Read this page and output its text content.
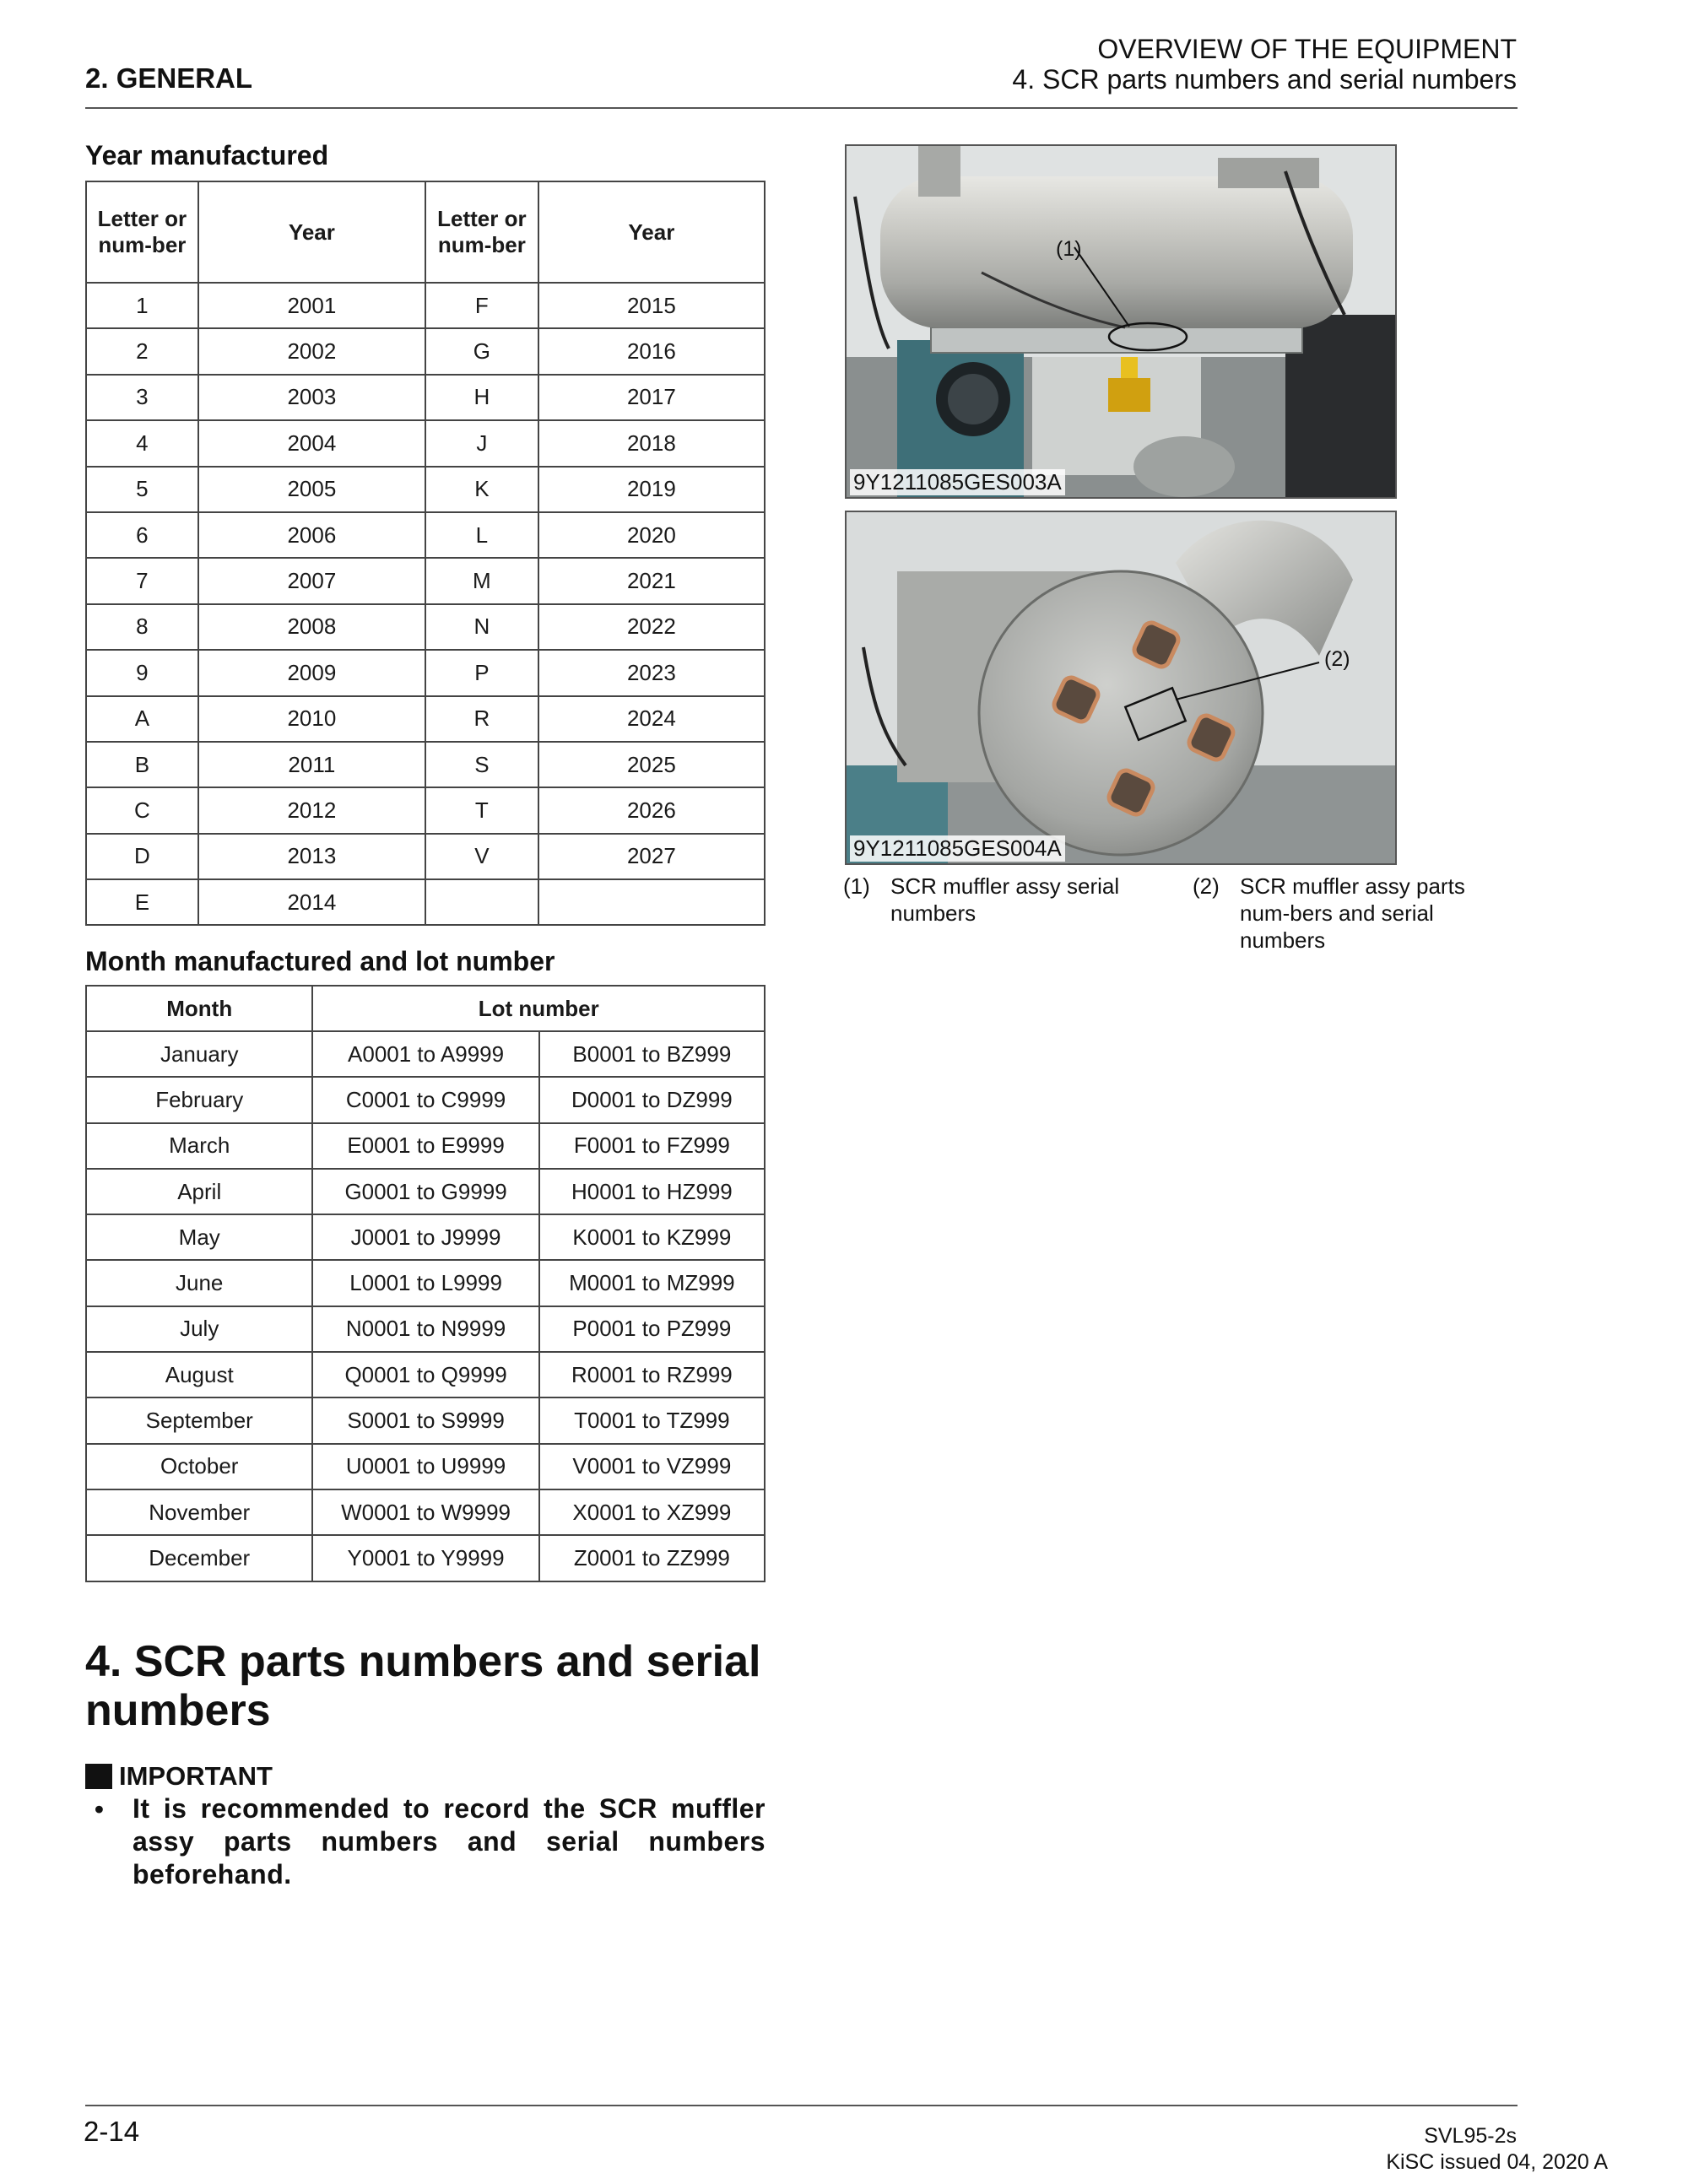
2. GENERAL
OVERVIEW OF THE EQUIPMENT
4. SCR parts numbers and serial numbers
Year manufactured
Letter or num-ber	Year	Letter or num-ber	Year
1	2001	F	2015
2	2002	G	2016
3	2003	H	2017
4	2004	J	2018
5	2005	K	2019
6	2006	L	2020
7	2007	M	2021
8	2008	N	2022
9	2009	P	2023
A	2010	R	2024
B	2011	S	2025
C	2012	T	2026
D	2013	V	2027
E	2014		
Month manufactured and lot number
Month	Lot number	
January	A0001 to A9999	B0001 to BZ999
February	C0001 to C9999	D0001 to DZ999
March	E0001 to E9999	F0001 to FZ999
April	G0001 to G9999	H0001 to HZ999
May	J0001 to J9999	K0001 to KZ999
June	L0001 to L9999	M0001 to MZ999
July	N0001 to N9999	P0001 to PZ999
August	Q0001 to Q9999	R0001 to RZ999
September	S0001 to S9999	T0001 to TZ999
October	U0001 to U9999	V0001 to VZ999
November	W0001 to W9999	X0001 to XZ999
December	Y0001 to Y9999	Z0001 to ZZ999
(1)
9Y1211085GES003A
(2)
9Y1211085GES004A
(1) SCR muffler assy serial numbers
(2) SCR muffler assy parts num-bers and serial numbers
4. SCR parts numbers and serial numbers
IMPORTANT
• It is recommended to record the SCR muffler assy parts numbers and serial numbers beforehand.
2-14	SVL95-2s
KiSC issued 04, 2020 A
